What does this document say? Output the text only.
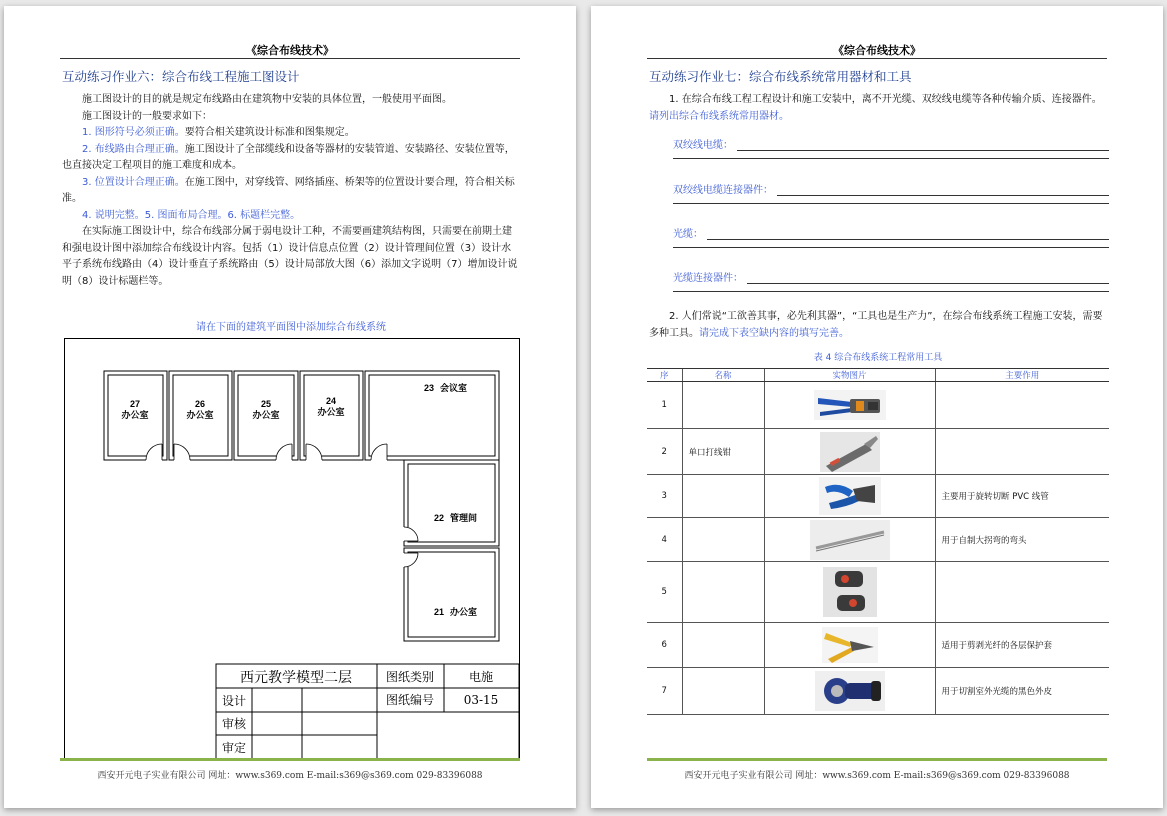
《综合布线技术》
互动练习作业六：综合布线工程施工图设计

施工图设计的目的就是规定布线路由在建筑物中安装的具体位置，一般使用平面图。

施工图设计的一般要求如下：

1. 图形符号必须正确。要符合相关建筑设计标准和图集规定。

2. 布线路由合理正确。施工图设计了全部缆线和设备等器材的安装管道、安装路径、安装位置等，也直接决定工程项目的施工难度和成本。

3. 位置设计合理正确。在施工图中，对穿线管、网络插座、桥架等的位置设计要合理，符合相关标准。

4. 说明完整。5. 图面布局合理。6. 标题栏完整。

在实际施工图设计中，综合布线部分属于弱电设计工种，不需要画建筑结构图，只需要在前期土建和强电设计图中添加综合布线设计内容。包括（1）设计信息点位置（2）设计管理间位置（3）设计水平子系统布线路由（4）设计垂直子系统路由（5）设计局部放大图（6）添加文字说明（7）增加设计说明（8）设计标题栏等。

请在下面的建筑平面图中添加综合布线系统
27
办公室
26
办公室
25
办公室
24
办公室
23 会议室
22 管理间
21 办公室
西元教学模型二层	图纸类别	电施
图纸编号 03-15
设计
审核
审定
西安开元电子实业有限公司 网址：www.s369.com E-mail:s369@s369.com 029-83396088
《综合布线技术》
互动练习作业七：综合布线系统常用器材和工具

1. 在综合布线工程工程设计和施工安装中，离不开光缆、双绞线电缆等各种传输介质、连接器件。请列出综合布线系统常用器材。

双绞线电缆：
双绞线电缆连接器件：
光缆：
光缆连接器件：

2. 人们常说“工欲善其事，必先利其器”，“工具也是生产力”，在综合布线系统工程施工安装，需要多种工具。请完成下表空缺内容的填写完善。

表 4 综合布线系统工程常用工具
序	名称	实物图片	主要作用
1		

2	单口打线钳	

3			主要用于旋转切断 PVC 线管
4			用于自制大拐弯的弯头
5		

6			适用于剪剥光纤的各层保护套
7			用于切割室外光缆的黑色外皮
西安开元电子实业有限公司 网址：www.s369.com E-mail:s369@s369.com 029-83396088
